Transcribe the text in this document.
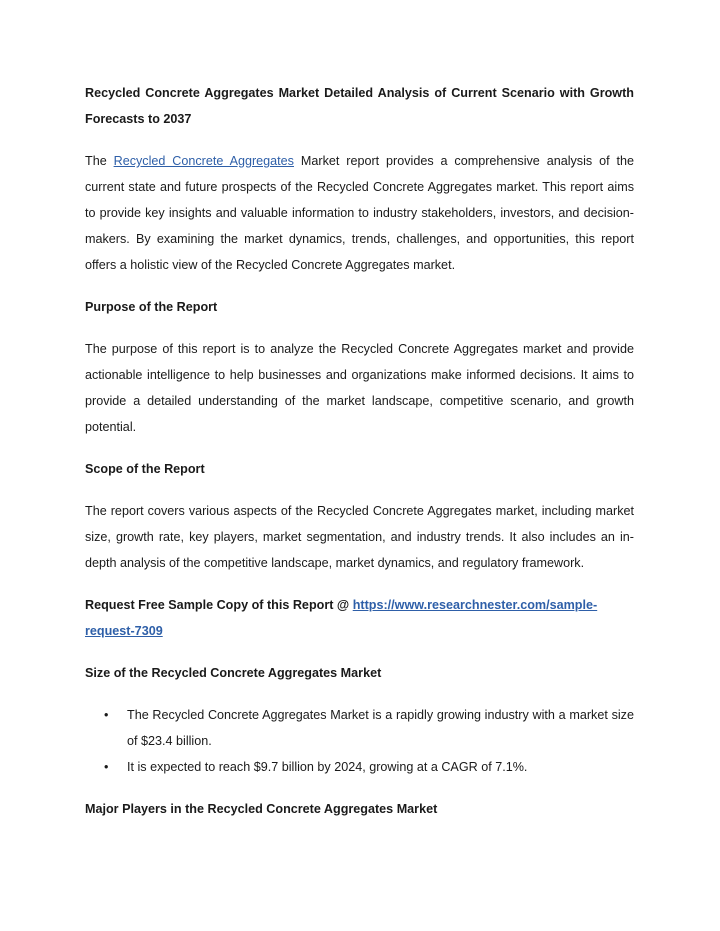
Recycled Concrete Aggregates Market Detailed Analysis of Current Scenario with Growth Forecasts to 2037

The Recycled Concrete Aggregates Market report provides a comprehensive analysis of the current state and future prospects of the Recycled Concrete Aggregates market. This report aims to provide key insights and valuable information to industry stakeholders, investors, and decision-makers. By examining the market dynamics, trends, challenges, and opportunities, this report offers a holistic view of the Recycled Concrete Aggregates market.

Purpose of the Report

The purpose of this report is to analyze the Recycled Concrete Aggregates market and provide actionable intelligence to help businesses and organizations make informed decisions. It aims to provide a detailed understanding of the market landscape, competitive scenario, and growth potential.

Scope of the Report

The report covers various aspects of the Recycled Concrete Aggregates market, including market size, growth rate, key players, market segmentation, and industry trends. It also includes an in-depth analysis of the competitive landscape, market dynamics, and regulatory framework.

Request Free Sample Copy of this Report @ https://www.researchnester.com/sample-request-7309

Size of the Recycled Concrete Aggregates Market

• The Recycled Concrete Aggregates Market is a rapidly growing industry with a market size of $23.4 billion.
• It is expected to reach $9.7 billion by 2024, growing at a CAGR of 7.1%.

Major Players in the Recycled Concrete Aggregates Market
